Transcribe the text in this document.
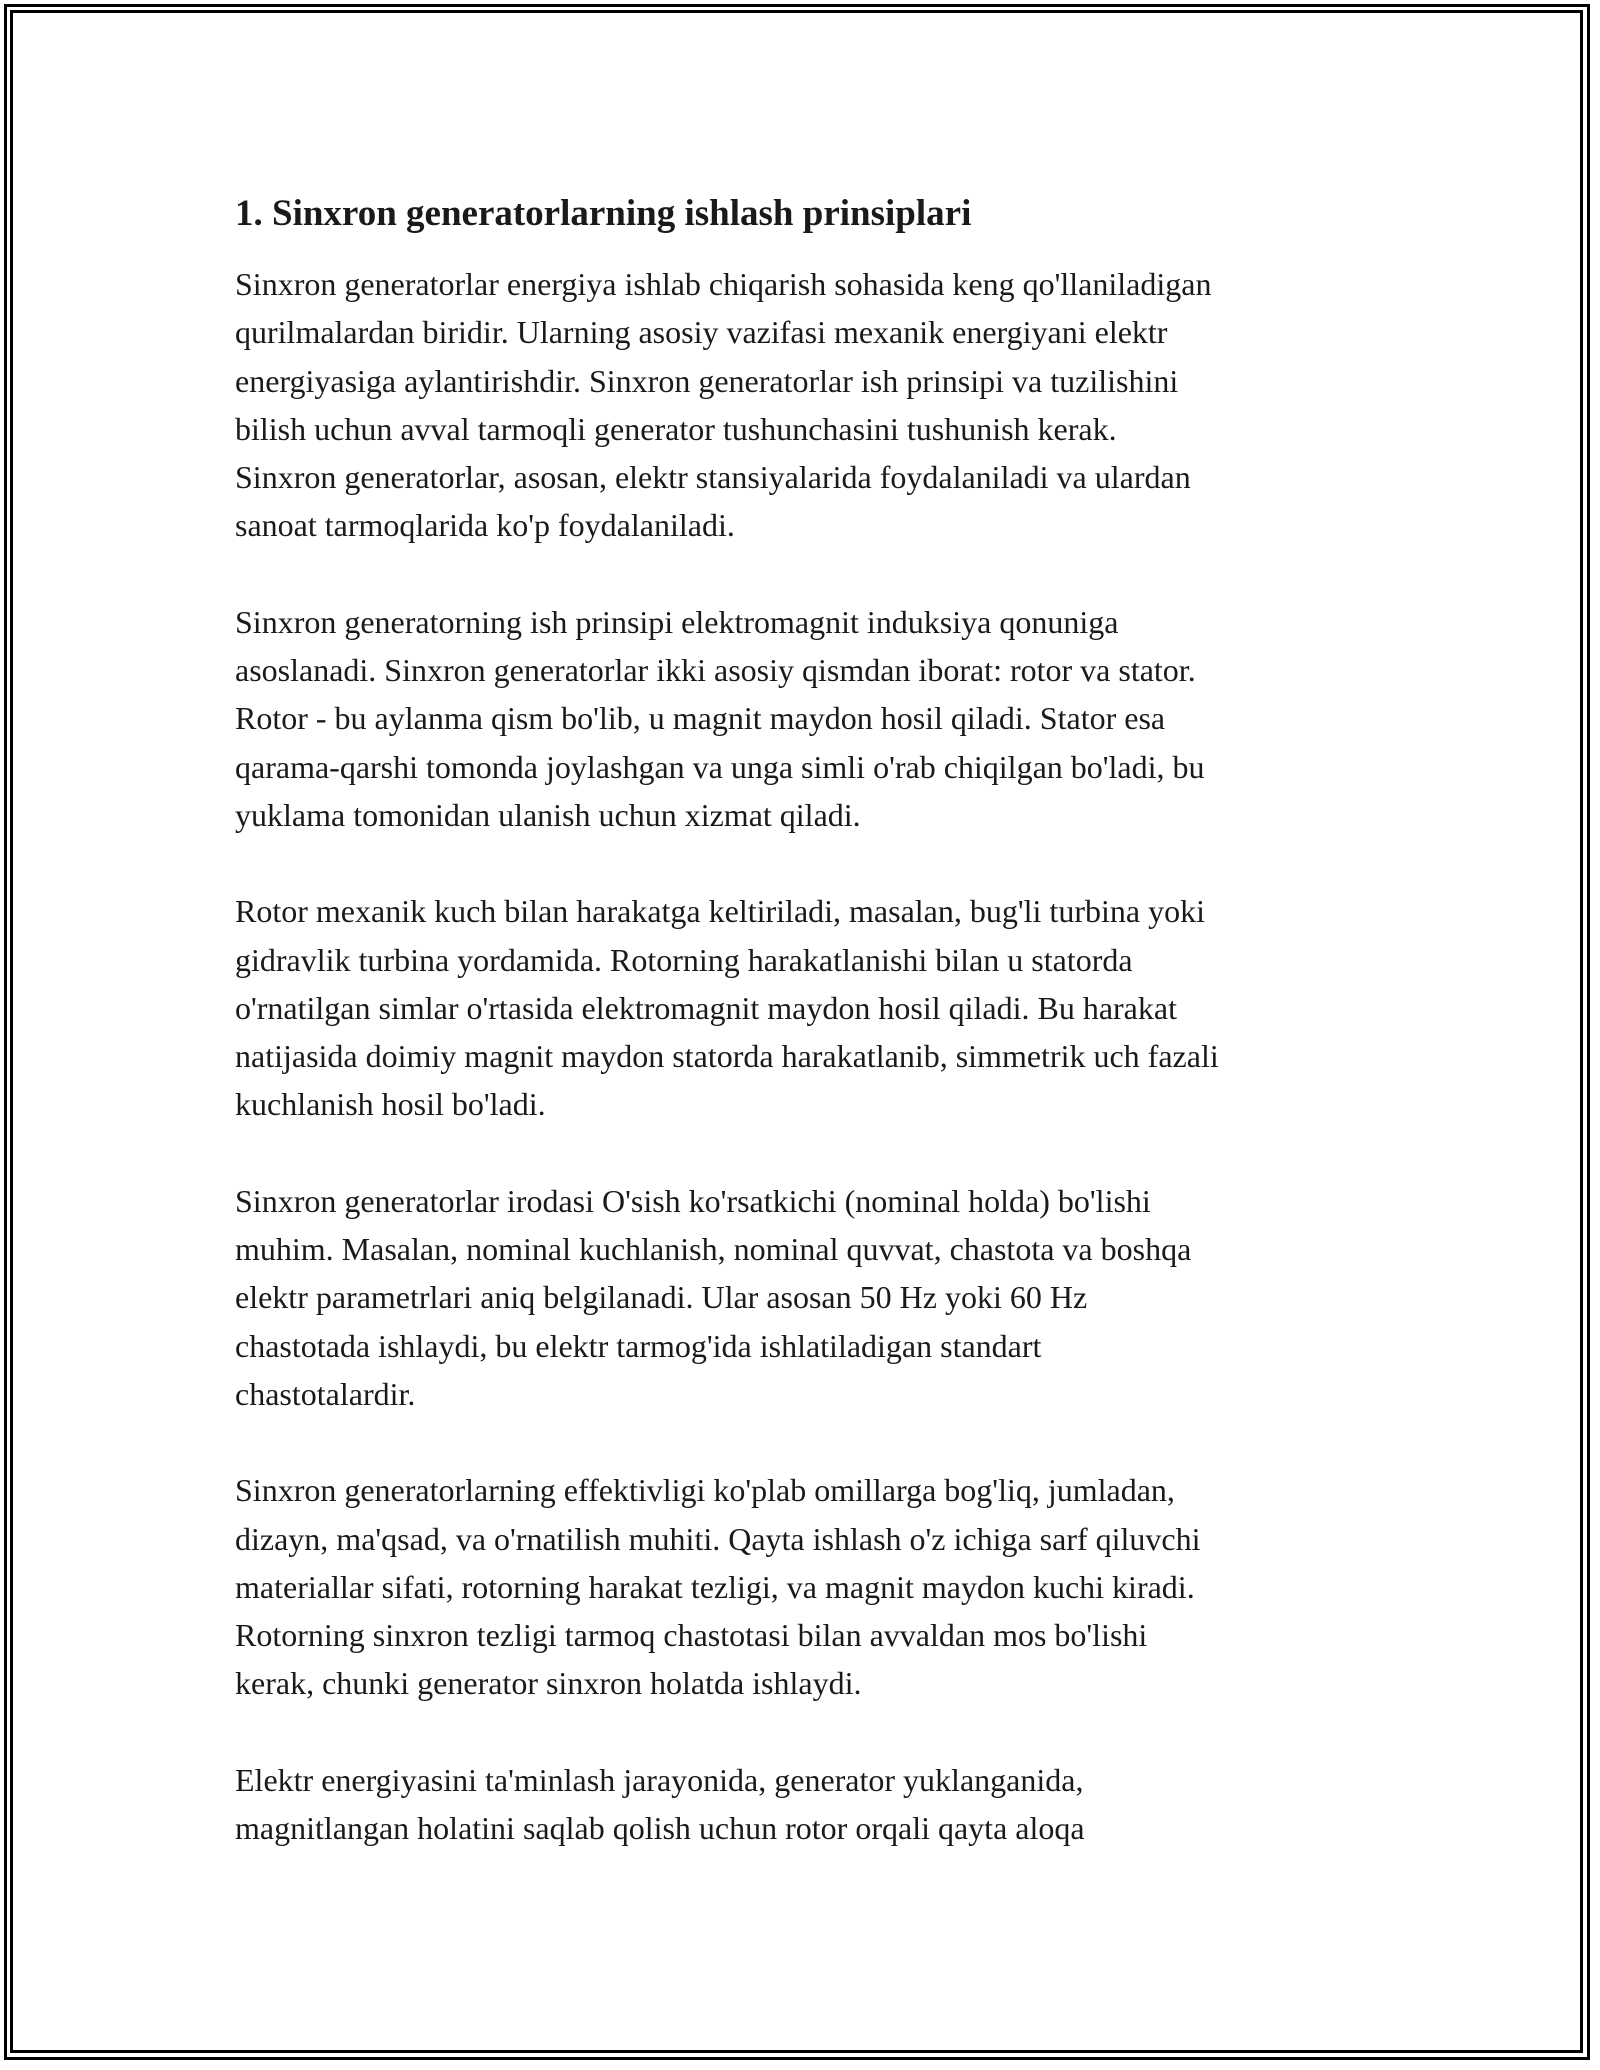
1. Sinxron generatorlarning ishlash prinsiplari

Sinxron generatorlar energiya ishlab chiqarish sohasida keng qo'llaniladigan
qurilmalardan biridir. Ularning asosiy vazifasi mexanik energiyani elektr
energiyasiga aylantirishdir. Sinxron generatorlar ish prinsipi va tuzilishini
bilish uchun avval tarmoqli generator tushunchasini tushunish kerak.
Sinxron generatorlar, asosan, elektr stansiyalarida foydalaniladi va ulardan
sanoat tarmoqlarida ko'p foydalaniladi.

Sinxron generatorning ish prinsipi elektromagnit induksiya qonuniga
asoslanadi. Sinxron generatorlar ikki asosiy qismdan iborat: rotor va stator.
Rotor - bu aylanma qism bo'lib, u magnit maydon hosil qiladi. Stator esa
qarama-qarshi tomonda joylashgan va unga simli o'rab chiqilgan bo'ladi, bu
yuklama tomonidan ulanish uchun xizmat qiladi.

Rotor mexanik kuch bilan harakatga keltiriladi, masalan, bug'li turbina yoki
gidravlik turbina yordamida. Rotorning harakatlanishi bilan u statorda
o'rnatilgan simlar o'rtasida elektromagnit maydon hosil qiladi. Bu harakat
natijasida doimiy magnit maydon statorda harakatlanib, simmetrik uch fazali
kuchlanish hosil bo'ladi.

Sinxron generatorlar irodasi O'sish ko'rsatkichi (nominal holda) bo'lishi
muhim. Masalan, nominal kuchlanish, nominal quvvat, chastota va boshqa
elektr parametrlari aniq belgilanadi. Ular asosan 50 Hz yoki 60 Hz
chastotada ishlaydi, bu elektr tarmog'ida ishlatiladigan standart
chastotalardir.

Sinxron generatorlarning effektivligi ko'plab omillarga bog'liq, jumladan,
dizayn, ma'qsad, va o'rnatilish muhiti. Qayta ishlash o'z ichiga sarf qiluvchi
materiallar sifati, rotorning harakat tezligi, va magnit maydon kuchi kiradi.
Rotorning sinxron tezligi tarmoq chastotasi bilan avvaldan mos bo'lishi
kerak, chunki generator sinxron holatda ishlaydi.

Elektr energiyasini ta'minlash jarayonida, generator yuklanganida,
magnitlangan holatini saqlab qolish uchun rotor orqali qayta aloqa
